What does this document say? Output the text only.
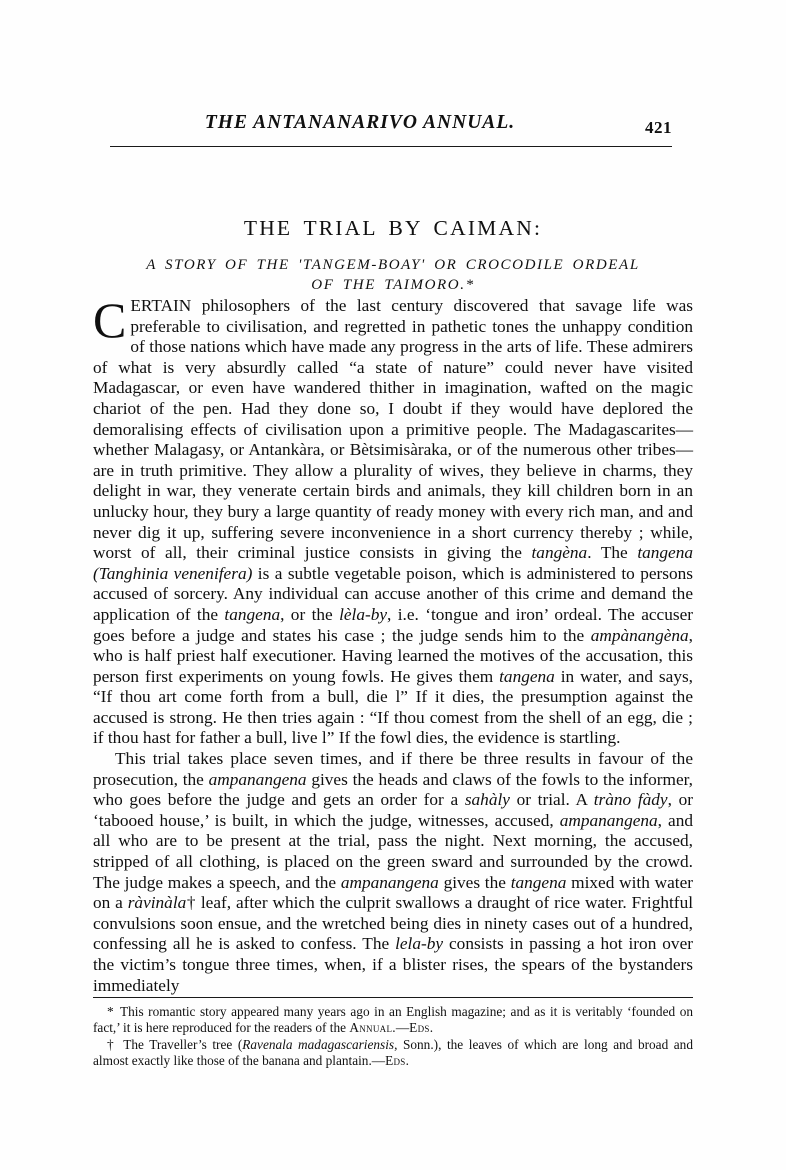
THE ANTANANARIVO ANNUAL.	421
THE TRIAL BY CAIMAN:
A STORY OF THE 'TANGEM-BOAY' OR CROCODILE ORDEAL
OF THE TAIMORO.*

CERTAIN philosophers of the last century discovered that savage life was preferable to civilisation, and regretted in pathetic tones the unhappy condition of those nations which have made any progress in the arts of life. These admirers of what is very absurdly called “a state of nature” could never have visited Madagascar, or even have wandered thither in imagination, wafted on the magic chariot of the pen. Had they done so, I doubt if they would have deplored the demoralising effects of civilisation upon a primitive people. The Madagascarites—whether Malagasy, or Antankàra, or Bètsimisàraka, or of the numerous other tribes—are in truth primitive. They allow a plurality of wives, they believe in charms, they delight in war, they venerate certain birds and animals, they kill children born in an unlucky hour, they bury a large quantity of ready money with every rich man, and and never dig it up, suffering severe inconvenience in a short currency thereby ; while, worst of all, their criminal justice consists in giving the tangèna. The tangena (Tanghinia venenifera) is a subtle vegetable poison, which is administered to persons accused of sorcery. Any individual can accuse another of this crime and demand the application of the tangena, or the lèla-by, i.e. ‘tongue and iron’ ordeal. The accuser goes before a judge and states his case ; the judge sends him to the ampànangèna, who is half priest half executioner. Having learned the motives of the accusation, this person first experiments on young fowls. He gives them tangena in water, and says, “If thou art come forth from a bull, die l” If it dies, the presumption against the accused is strong. He then tries again : “If thou comest from the shell of an egg, die ; if thou hast for father a bull, live l” If the fowl dies, the evidence is startling.

This trial takes place seven times, and if there be three results in favour of the prosecution, the ampanangena gives the heads and claws of the fowls to the informer, who goes before the judge and gets an order for a sahàly or trial. A tràno fàdy, or ‘tabooed house,’ is built, in which the judge, witnesses, accused, ampanangena, and all who are to be present at the trial, pass the night. Next morning, the accused, stripped of all clothing, is placed on the green sward and surrounded by the crowd. The judge makes a speech, and the ampanangena gives the tangena mixed with water on a ràvinàla† leaf, after which the culprit swallows a draught of rice water. Frightful convulsions soon ensue, and the wretched being dies in ninety cases out of a hundred, confessing all he is asked to confess. The lela-by consists in passing a hot iron over the victim’s tongue three times, when, if a blister rises, the spears of the bystanders immediately

* This romantic story appeared many years ago in an English magazine; and as it is veritably ‘founded on fact,’ it is here reproduced for the readers of the Annual.—Eds.

† The Traveller’s tree (Ravenala madagascariensis, Sonn.), the leaves of which are long and broad and almost exactly like those of the banana and plantain.—Eds.
